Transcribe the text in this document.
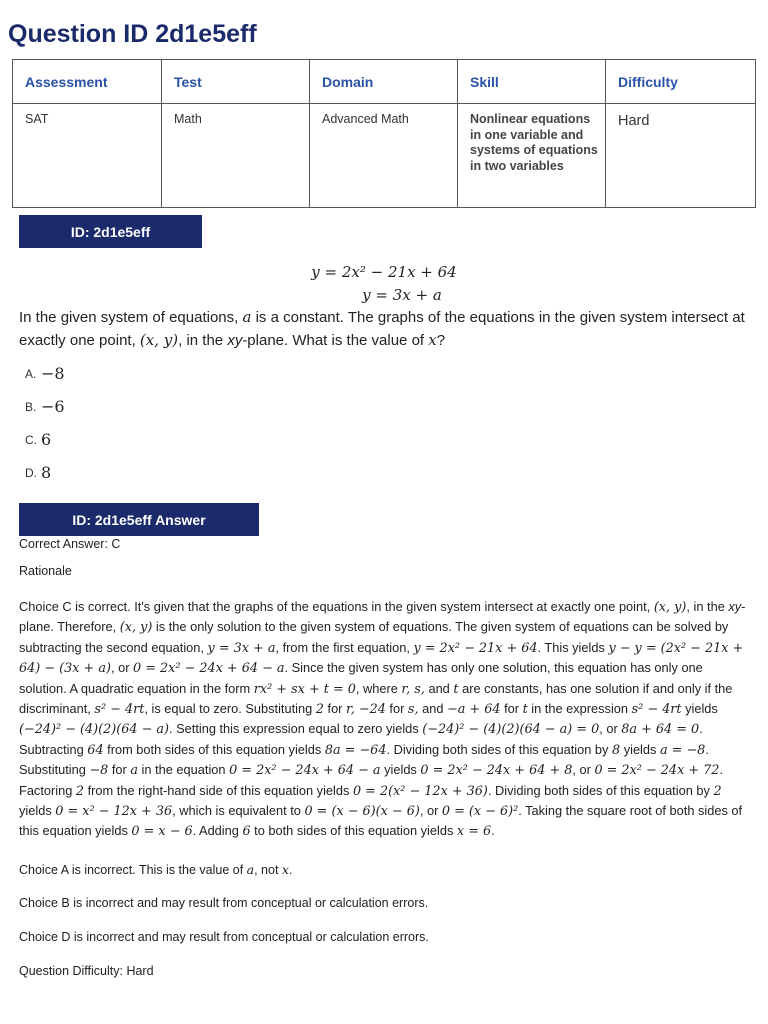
Question ID 2d1e5eff
Assessment	Test	Domain	Skill	Difficulty
SAT	Math	Advanced Math	Nonlinear equations in one variable and systems of equations in two variables	Hard
ID: 2d1e5eff
y = 2x² − 21x + 64
y = 3x + a

In the given system of equations, a is a constant. The graphs of the equations in the given system intersect at exactly one point, (x, y), in the xy-plane. What is the value of x?

A. −8
B. −6
C. 6
D. 8
ID: 2d1e5eff Answer

Correct Answer: C

Rationale

Choice C is correct. It's given that the graphs of the equations in the given system intersect at exactly one point, (x, y), in the xy-plane. Therefore, (x, y) is the only solution to the given system of equations. The given system of equations can be solved by subtracting the second equation, y = 3x + a, from the first equation, y = 2x² − 21x + 64. This yields y − y = (2x² − 21x + 64) − (3x + a), or 0 = 2x² − 24x + 64 − a. Since the given system has only one solution, this equation has only one solution. A quadratic equation in the form rx² + sx + t = 0, where r, s, and t are constants, has one solution if and only if the discriminant, s² − 4rt, is equal to zero. Substituting 2 for r, −24 for s, and −a + 64 for t in the expression s² − 4rt yields (−24)² − (4)(2)(64 − a). Setting this expression equal to zero yields (−24)² − (4)(2)(64 − a) = 0, or 8a + 64 = 0. Subtracting 64 from both sides of this equation yields 8a = −64. Dividing both sides of this equation by 8 yields a = −8. Substituting −8 for a in the equation 0 = 2x² − 24x + 64 − a yields 0 = 2x² − 24x + 64 + 8, or 0 = 2x² − 24x + 72. Factoring 2 from the right-hand side of this equation yields 0 = 2(x² − 12x + 36). Dividing both sides of this equation by 2 yields 0 = x² − 12x + 36, which is equivalent to 0 = (x − 6)(x − 6), or 0 = (x − 6)². Taking the square root of both sides of this equation yields 0 = x − 6. Adding 6 to both sides of this equation yields x = 6.

Choice A is incorrect. This is the value of a, not x.

Choice B is incorrect and may result from conceptual or calculation errors.

Choice D is incorrect and may result from conceptual or calculation errors.

Question Difficulty: Hard
